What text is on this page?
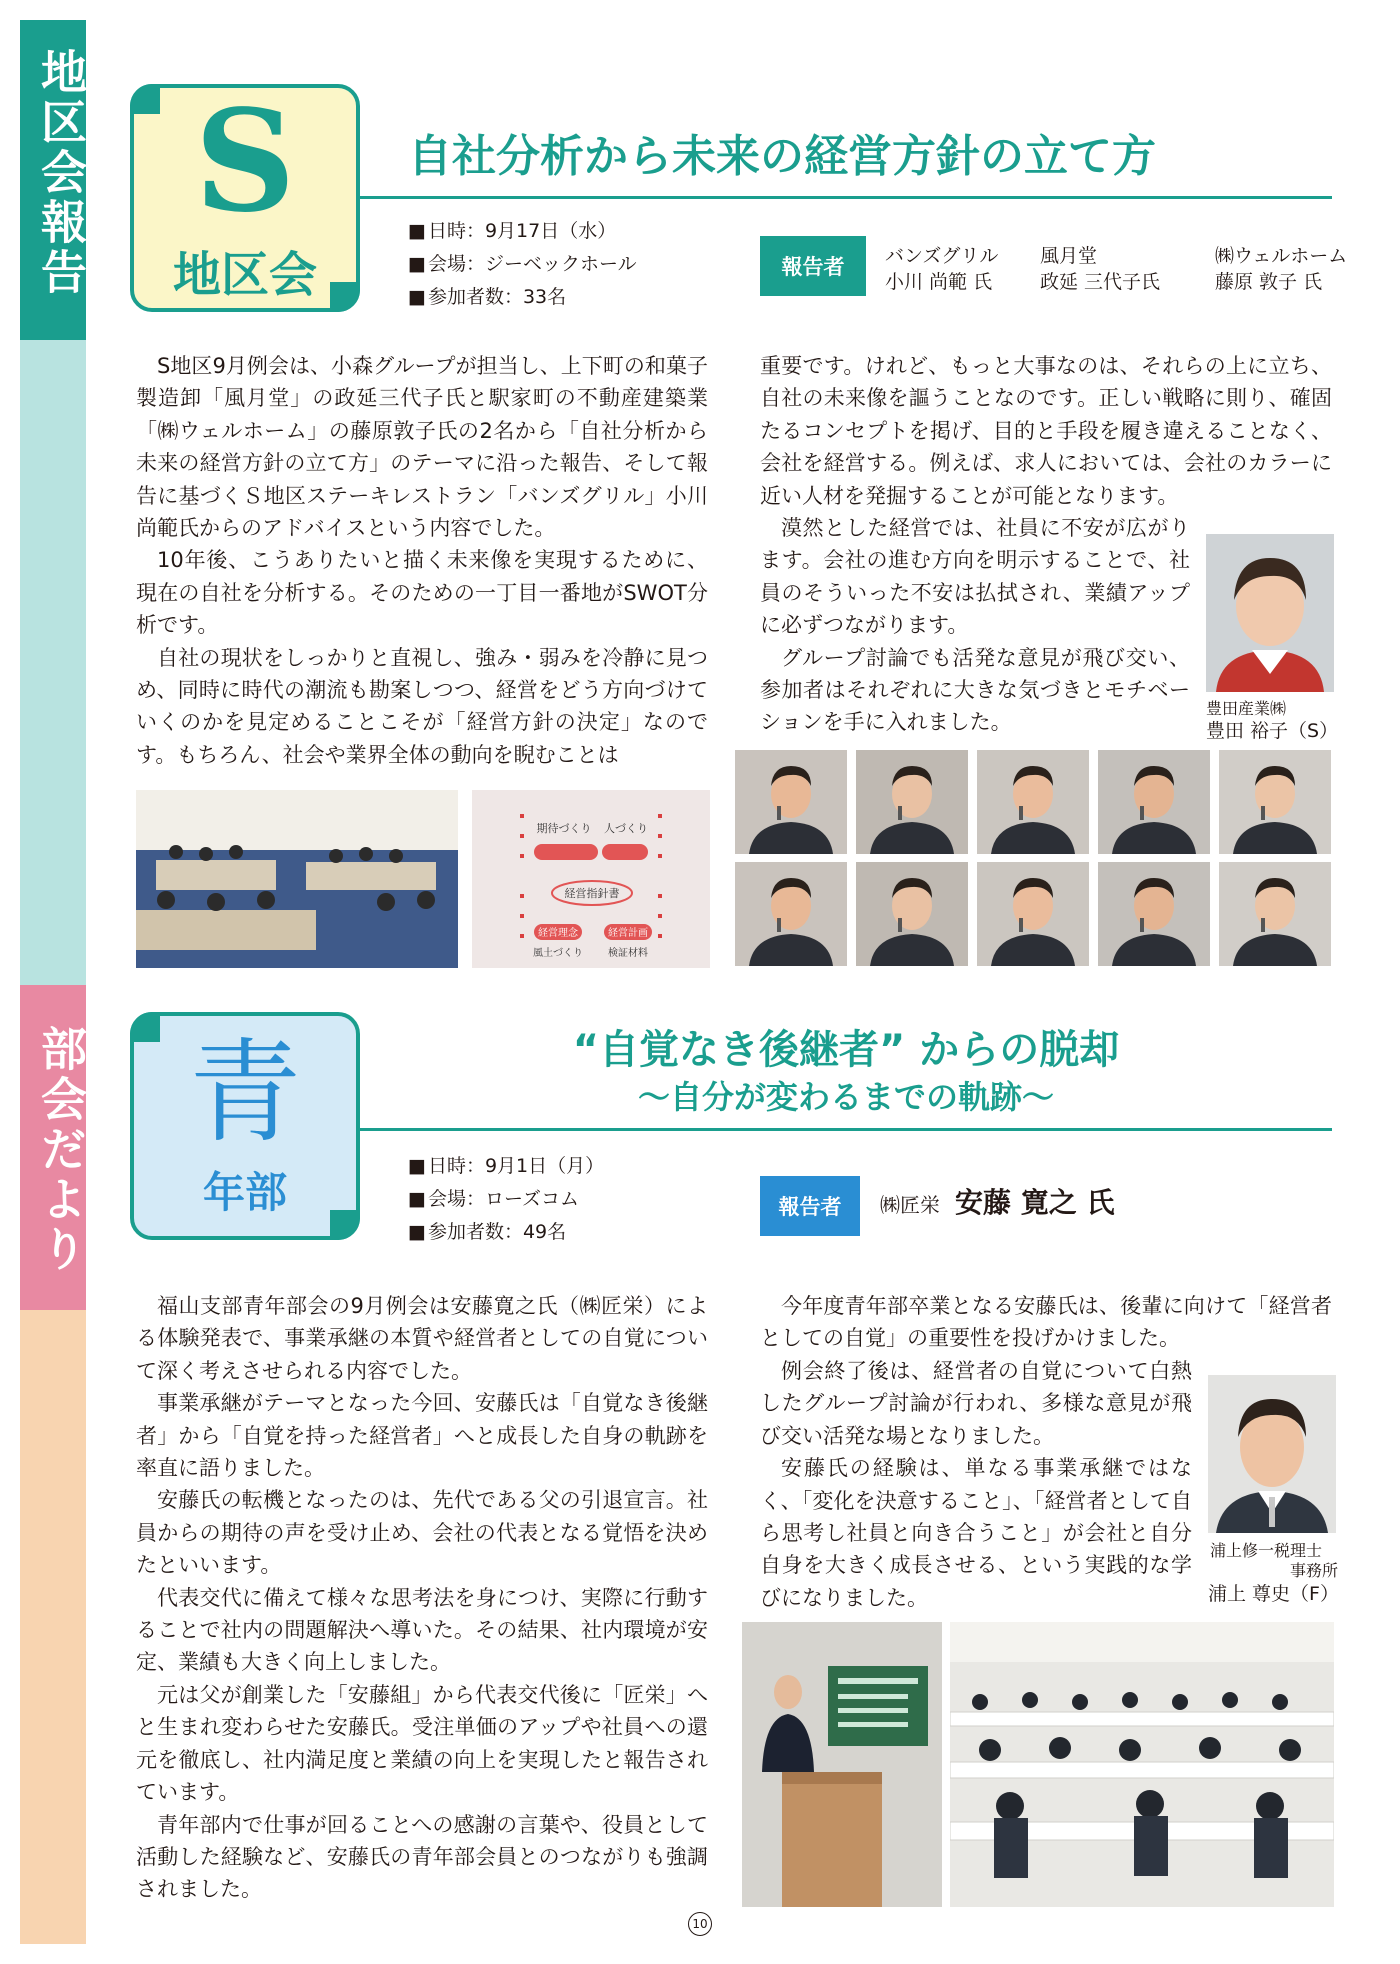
地区会報告
部会だより
S
地区会
自社分析から未来の経営方針の立て方
■ 日時：9月17日（水）
■ 会場：ジーベックホール
■ 参加者数：33名
報告者	バンズグリル
小川 尚範 氏
風月堂
政延 三代子氏
㈱ウェルホーム
藤原 敦子 氏

S地区9月例会は、小森グループが担当し、上下町の和菓子製造卸「風月堂」の政延三代子氏と駅家町の不動産建築業「㈱ウェルホーム」の藤原敦子氏の2名から「自社分析から未来の経営方針の立て方」のテーマに沿った報告、そして報告に基づくＳ地区ステーキレストラン「バンズグリル」小川尚範氏からのアドバイスという内容でした。

10年後、こうありたいと描く未来像を実現するために、現在の自社を分析する。そのための一丁目一番地がSWOT分析です。

自社の現状をしっかりと直視し、強み・弱みを冷静に見つめ、同時に時代の潮流も勘案しつつ、経営をどう方向づけていくのかを見定めることこそが「経営方針の決定」なのです。もちろん、社会や業界全体の動向を睨むことは

重要です。けれど、もっと大事なのは、それらの上に立ち、自社の未来像を謳うことなのです。正しい戦略に則り、確固たるコンセプトを掲げ、目的と手段を履き違えることなく、会社を経営する。例えば、求人においては、会社のカラーに近い人材を発掘することが可能となります。

漠然とした経営では、社員に不安が広がります。会社の進む方向を明示することで、社員のそういった不安は払拭され、業績アップに必ずつながります。

グループ討論でも活発な意見が飛び交い、参加者はそれぞれに大きな気づきとモチベーションを手に入れました。

豊田産業㈱
豊田 裕子（S）
期待づくり 人づくり
経営指針書
経営理念	経営計画
風土づくり	検証材料
青
年部
“自覚なき後継者” からの脱却
～自分が変わるまでの軌跡～
■ 日時：9月1日（月）
■ 会場：ローズコム
■ 参加者数：49名
報告者	㈱匠栄 安藤 寛之 氏

福山支部青年部会の9月例会は安藤寛之氏（㈱匠栄）による体験発表で、事業承継の本質や経営者としての自覚について深く考えさせられる内容でした。

事業承継がテーマとなった今回、安藤氏は「自覚なき後継者」から「自覚を持った経営者」へと成長した自身の軌跡を率直に語りました。

安藤氏の転機となったのは、先代である父の引退宣言。社員からの期待の声を受け止め、会社の代表となる覚悟を決めたといいます。

代表交代に備えて様々な思考法を身につけ、実際に行動することで社内の問題解決へ導いた。その結果、社内環境が安定、業績も大きく向上しました。

元は父が創業した「安藤組」から代表交代後に「匠栄」へと生まれ変わらせた安藤氏。受注単価のアップや社員への還元を徹底し、社内満足度と業績の向上を実現したと報告されています。

青年部内で仕事が回ることへの感謝の言葉や、役員として活動した経験など、安藤氏の青年部会員とのつながりも強調されました。

今年度青年部卒業となる安藤氏は、後輩に向けて「経営者としての自覚」の重要性を投げかけました。

例会終了後は、経営者の自覚について白熱したグループ討論が行われ、多様な意見が飛び交い活発な場となりました。

安藤氏の経験は、単なる事業承継ではなく、「変化を決意すること」、「経営者として自ら思考し社員と向き合うこと」が会社と自分自身を大きく成長させる、という実践的な学びになりました。

浦上修一税理士
事務所
浦上 尊史（F）
10
